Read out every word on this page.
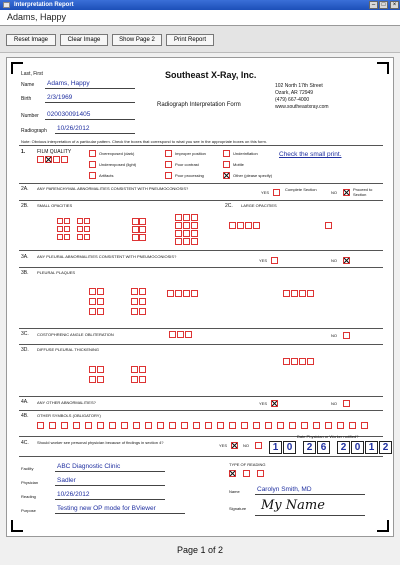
Interpretation Report	–	□	×
Adams, Happy
Reset Image	Clear Image	Show Page 2	Print Report
Last, First
Name Adams, Happy
Birth 2/3/1969
Number 020030091405
Radiograph 10/26/2012
Southeast X-Ray, Inc.
Radiograph Interpretation Form
102 North 17th Street
Ozark, AR 72949
(479) 667-4000
www.southeastxray.com
Note: Obvious interpretation of a particular pattern. Check the boxes that correspond to what you see in the appropriate boxes on this form.
1. FILM QUALITY	Overexposed (dark)
Underexposed (light)
Artifacts
Improper position
Poor contrast
Poor processing
Underinflation
Mottle
Other (please specify)
Check the small print.
2A. ANY PARENCHYMAL ABNORMALITIES CONSISTENT WITH PNEUMOCONIOSIS?
YES
Complete Section
NO
Proceed to Section
2B. SMALL OPACITIES	2C. LARGE OPACITIES
3A. ANY PLEURAL ABNORMALITIES CONSISTENT WITH PNEUMOCONIOSIS?
YES	NO
3B. PLEURAL PLAQUES
3C. COSTOPHRENIC ANGLE OBLITERATION	NO
3D. DIFFUSE PLEURAL THICKENING
4A. ANY OTHER ABNORMALITIES?	YES	NO
4B. OTHER SYMBOLS (OBLIGATORY)
4C. Should worker see personal physician because of findings in section 4?
YES	NO
Date Physician or Worker notified?
Facility	ABC Diagnostic Clinic
Physician	Sadler
Reading	10/26/2012
Purpose	Testing new OP mode for BViewer
TYPE OF READING
Name	Carolyn Smith, MD
Signature My Name
1 0	2 6	2 0 1 2
Page 1 of 2
